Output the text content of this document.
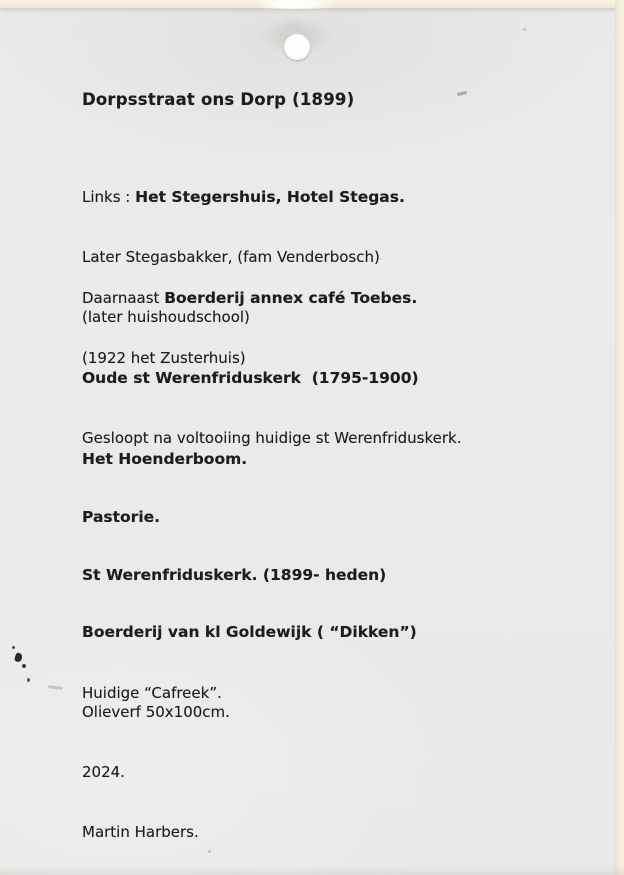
Dorpsstraat ons Dorp (1899)

Links : Het Stegershuis, Hotel Stegas.

Later Stegasbakker, (fam Venderbosch)

(later huishoudschool)

Daarnaast Boerderij annex café Toebes.

(1922 het Zusterhuis)

Oude st Werenfriduskerk  (1795-1900)

Gesloopt na voltooiing huidige st Werenfriduskerk.

Het Hoenderboom.

Pastorie.

St Werenfriduskerk. (1899- heden)

Boerderij van kl Goldewijk ( “Dikken”)

Huidige “Cafreek”.

Olieverf 50x100cm.

2024.

Martin Harbers.
